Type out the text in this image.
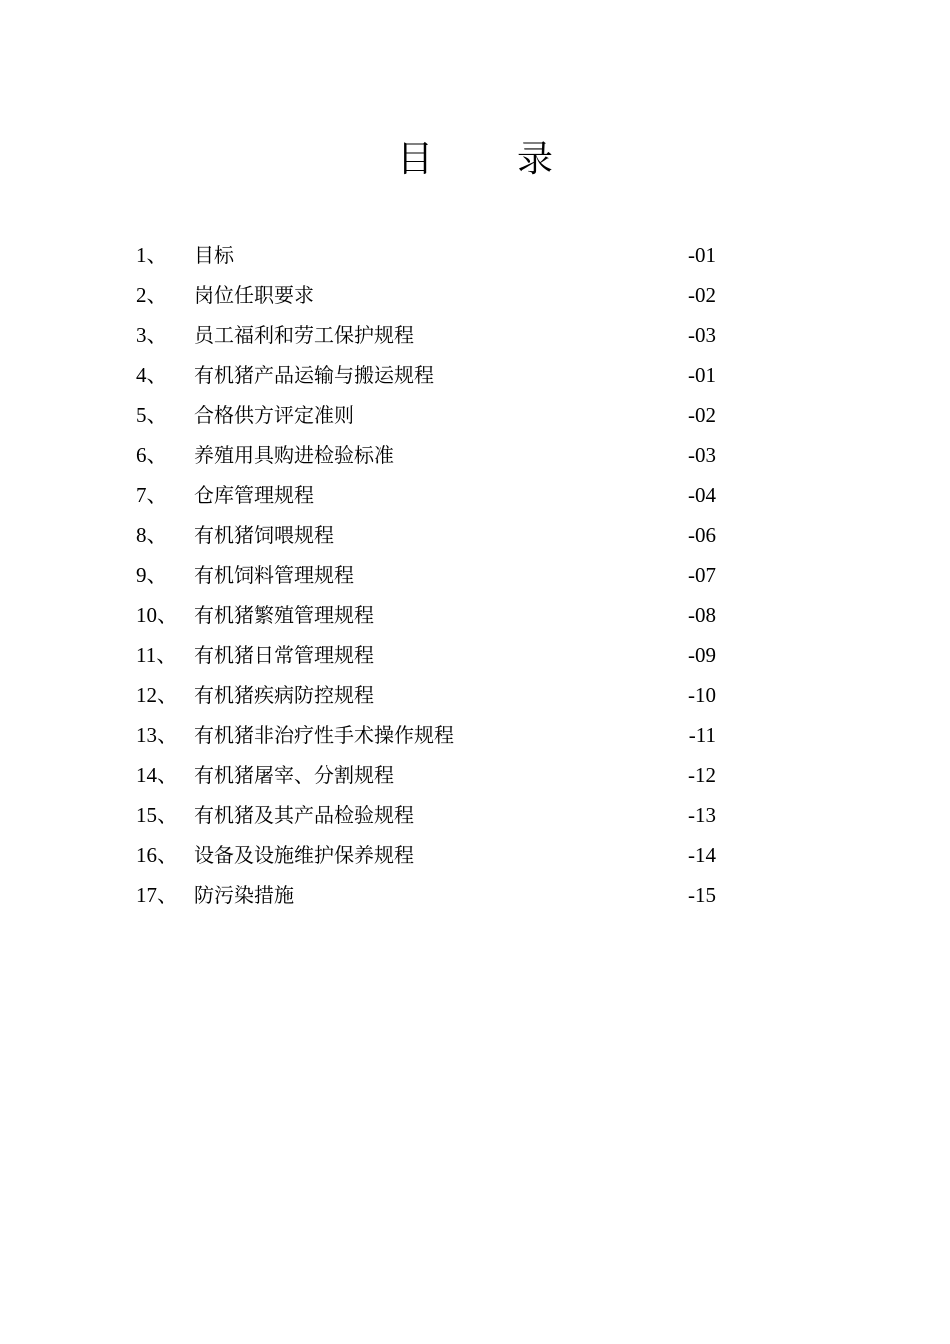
目 录
1、	目标	-01
2、	岗位任职要求	-02
3、	员工福利和劳工保护规程	-03
4、	有机猪产品运输与搬运规程	-01
5、	合格供方评定准则	-02
6、	养殖用具购进检验标准	-03
7、	仓库管理规程	-04
8、	有机猪饲喂规程	-06
9、	有机饲料管理规程	-07
10、 有机猪繁殖管理规程	-08
11、 有机猪日常管理规程	-09
12、 有机猪疾病防控规程	-10
13、 有机猪非治疗性手术操作规程	-11
14、 有机猪屠宰、分割规程	-12
15、 有机猪及其产品检验规程	-13
16、 设备及设施维护保养规程	-14
17、 防污染措施	-15
